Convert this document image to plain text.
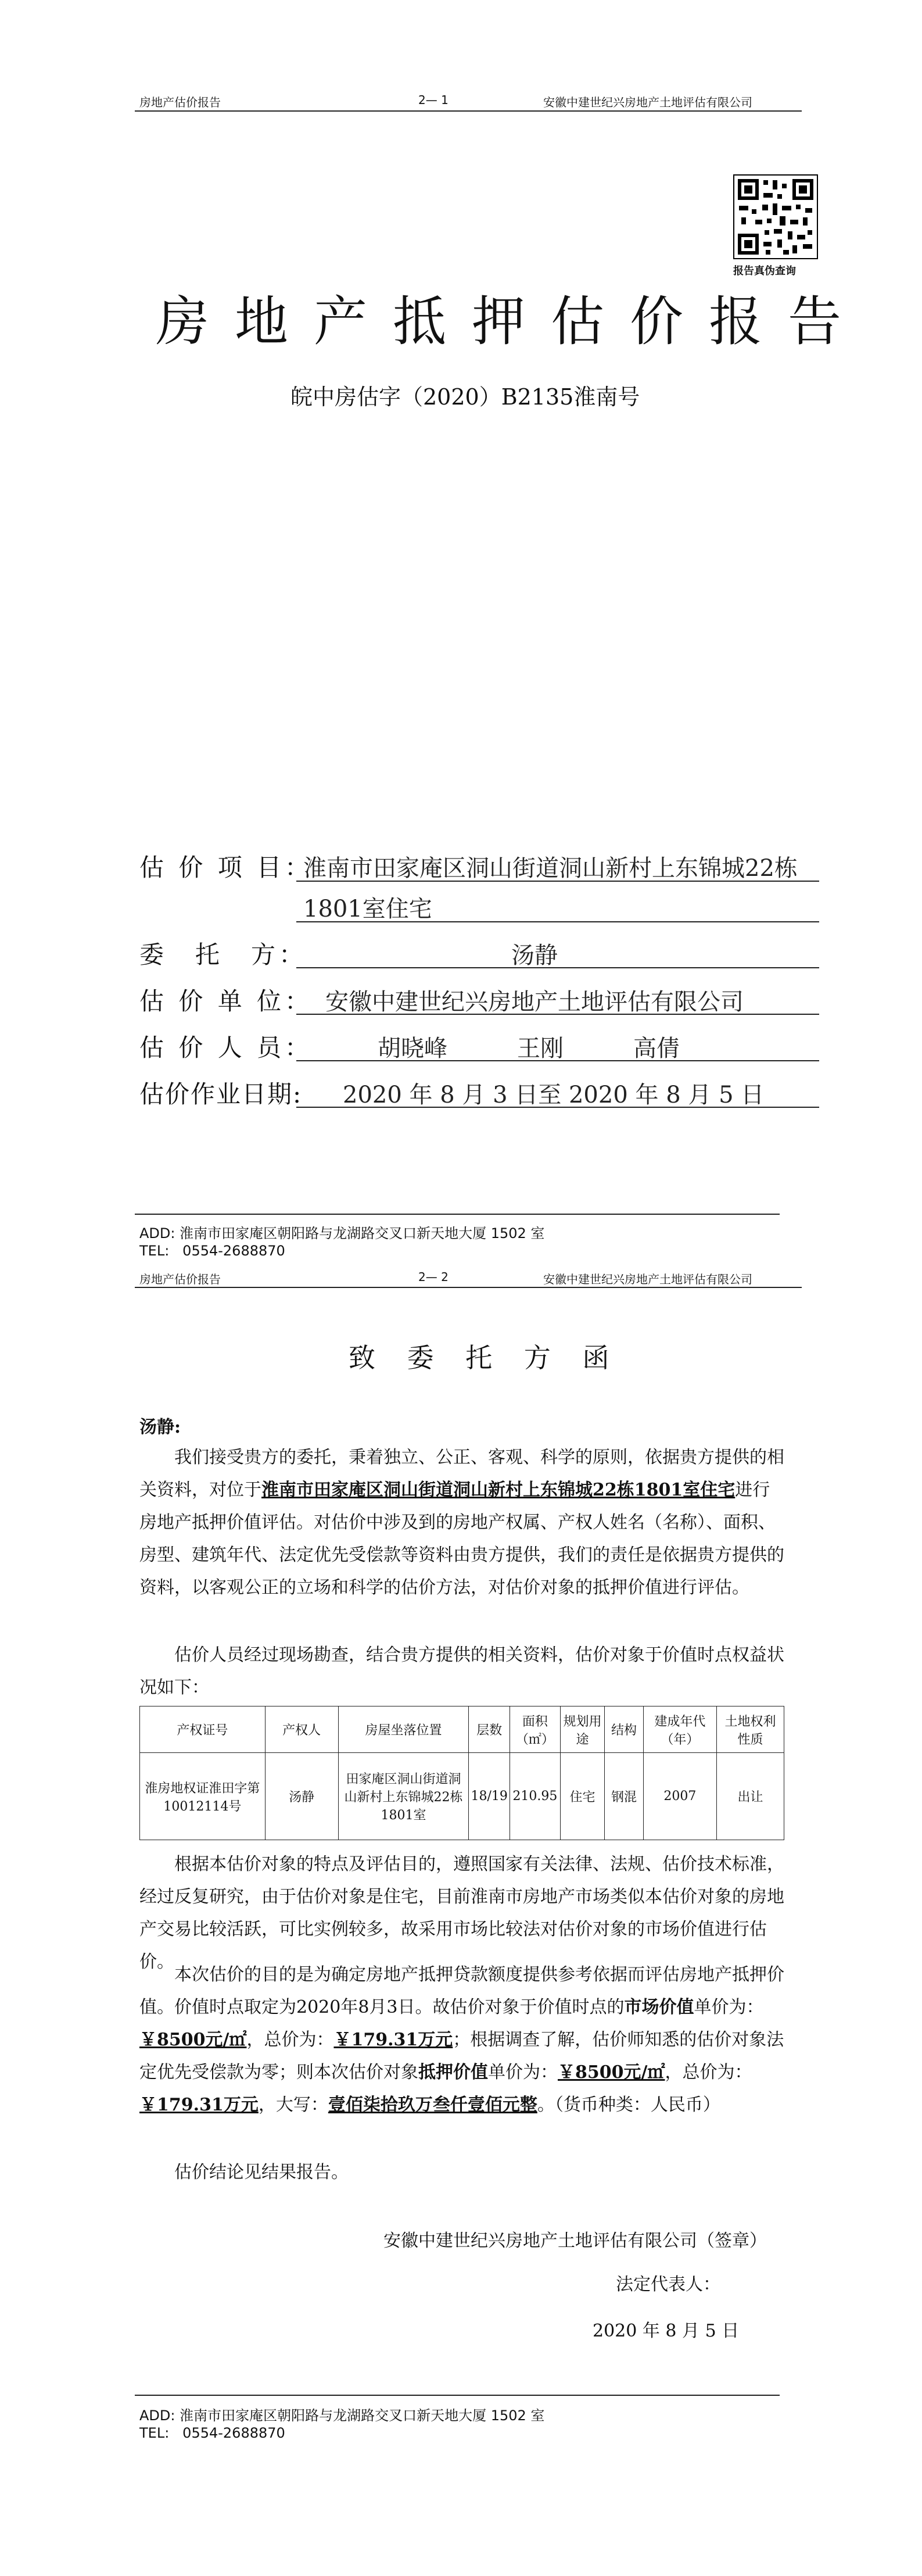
房地产估价报告	2— 1	安徽中建世纪兴房地产土地评估有限公司
报告真伪查询
房地产抵押估价报告
皖中房估字（2020）B2135淮南号
估 价 项 目：
淮南市田家庵区洞山街道洞山新村上东锦城22栋
1801室住宅
委　托　方：	汤静
估 价 单 位： 安徽中建世纪兴房地产土地评估有限公司
估 价 人 员：	胡晓峰　　　王刚　　　高倩
估价作业日期: 2020 年 8 月 3 日至 2020 年 8 月 5 日
ADD: 淮南市田家庵区朝阳路与龙湖路交叉口新天地大厦 1502 室
TEL:   0554-2688870
房地产估价报告	2— 2	安徽中建世纪兴房地产土地评估有限公司
致 委 托 方 函
汤静:
我们接受贵方的委托，秉着独立、公正、客观、科学的原则，依据贵方提供的相关资料，对位于淮南市田家庵区洞山街道洞山新村上东锦城22栋1801室住宅进行房地产抵押价值评估。对估价中涉及到的房地产权属、产权人姓名（名称）、面积、房型、建筑年代、法定优先受偿款等资料由贵方提供，我们的责任是依据贵方提供的资料，以客观公正的立场和科学的估价方法，对估价对象的抵押价值进行评估。
估价人员经过现场勘查，结合贵方提供的相关资料，估价对象于价值时点权益状况如下：
产权证号	产权人	房屋坐落位置	层数	面积（㎡）	规划用途	结构	建成年代（年）	土地权利性质
淮房地权证淮田字第10012114号	汤静	田家庵区洞山街道洞山新村上东锦城22栋1801室	18/19	210.95	住宅	钢混	2007	出让
根据本估价对象的特点及评估目的，遵照国家有关法律、法规、估价技术标准，经过反复研究，由于估价对象是住宅，目前淮南市房地产市场类似本估价对象的房地产交易比较活跃，可比实例较多，故采用市场比较法对估价对象的市场价值进行估价。
本次估价的目的是为确定房地产抵押贷款额度提供参考依据而评估房地产抵押价值。价值时点取定为2020年8月3日。故估价对象于价值时点的市场价值单价为：￥8500元/㎡，总价为：￥179.31万元；根据调查了解，估价师知悉的估价对象法定优先受偿款为零；则本次估价对象抵押价值单价为：￥8500元/㎡，总价为：￥179.31万元，大写：壹佰柒拾玖万叁仟壹佰元整。（货币种类：人民币）
估价结论见结果报告。
安徽中建世纪兴房地产土地评估有限公司（签章）
法定代表人：
2020 年 8 月 5 日
ADD: 淮南市田家庵区朝阳路与龙湖路交叉口新天地大厦 1502 室
TEL:   0554-2688870
